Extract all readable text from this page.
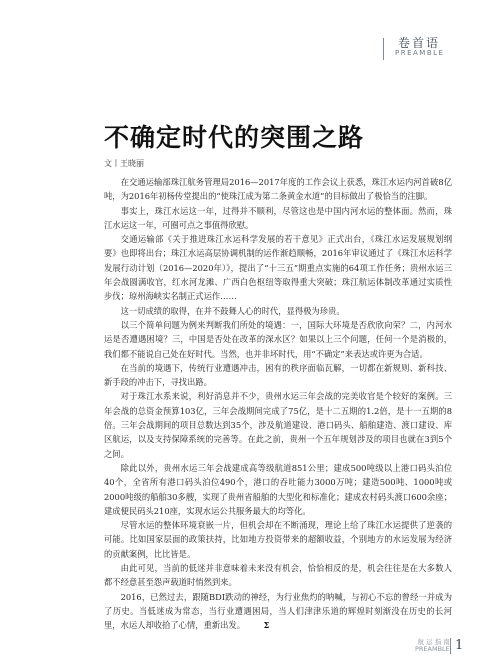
卷首语
PREAMBLE
不确定时代的突围之路
文丨王晓丽

在交通运输部珠江航务管理局2016—2017年度的工作会议上获悉，珠江水运内河首破8亿吨，为2016年初杨传堂提出的“使珠江成为第二条黄金水道”的目标做出了极恰当的注脚。

事实上，珠江水运这一年，过得并不顺利，尽管这也是中国内河水运的整体面。然而，珠江水运这一年，可圈可点之事值得欣慰。

交通运输部《关于推进珠江水运科学发展的若干意见》正式出台，《珠江水运发展规划纲要》也即将出台；珠江水运高层协调机制的运作渐趋顺畅，2016年审议通过了《珠江水运科学发展行动计划（2016—2020年）》，提出了“十三五”期重点实施的64项工作任务；贵州水运三年会战圆满收官，红水河龙滩、广西白色枢纽等取得重大突破；珠江航运体制改革通过实质性步伐；琼州海峡实名制正式运作……

这一切成绩的取得，在并不鼓舞人心的时代，显得极为珍贵。

以三个简单问题为例来判断我们所处的境遇：一，国际大环境是否欣欣向荣？二，内河水运是否遭遇困境？三，中国是否处在改革的深水区？如果以上三个问题，任何一个是消极的，我们都不能说自己处在好时代。当然，也并非坏时代，用“不确定”来表达或许更为合适。

在当前的境遇下，传统行业遭遇冲击，困有的秩序面临瓦解，一切都在新规则、新科技、新手段的冲击下，寻找出路。

对于珠江水系来说，利好消息并不少，贵州水运三年会战的完美收官是个较好的案例。三年会战的总资金预算103亿，三年会战期间完成了75亿，是十二五期的1.2倍，是十一五期的8倍。三年会战期间的项目总数达到35个，涉及航道建设、港口码头、船舶建造、渡口建设、库区航运，以及支持保障系统的完善等。在此之前，贵州一个五年规划涉及的项目也就在3到5个之间。

除此以外，贵州水运三年会战建成高等级航道851公里；建成500吨级以上港口码头泊位40个，全省所有港口码头泊位490个，港口的吞吐能力3000万吨；建造500吨、1000吨或2000吨级的船舶30多艘，实现了贵州省船舶的大型化和标准化；建成农村码头渡口600余座；建成便民码头210座，实现水运公共服务最大的均等化。

尽管水运的整体环境衰嵌一片，但机会却在不断涌现，理论上给了珠江水运提供了逆袭的可能。比如国家层面的政策扶持，比如地方投资带来的超额收益，个别地方的水运发展为经济的贡献案例，比比皆是。

由此可见，当前的低迷并非意味着未来没有机会，恰恰相反的是，机会往往是在大多数人都不经意甚至怨声载道时悄然到来。

2016，已然过去，跟随BDI跌动的神经，为行业焦灼的呐喊，与初心不忘的曾经一并成为了历史。当低迷成为常态，当行业遭遇困局，当人们津津乐道的辉煌时刻渐没在历史的长河里，水运人却收拾了心情，重新出发。 Σ

航 运 指 南
PREAMBLE 1
